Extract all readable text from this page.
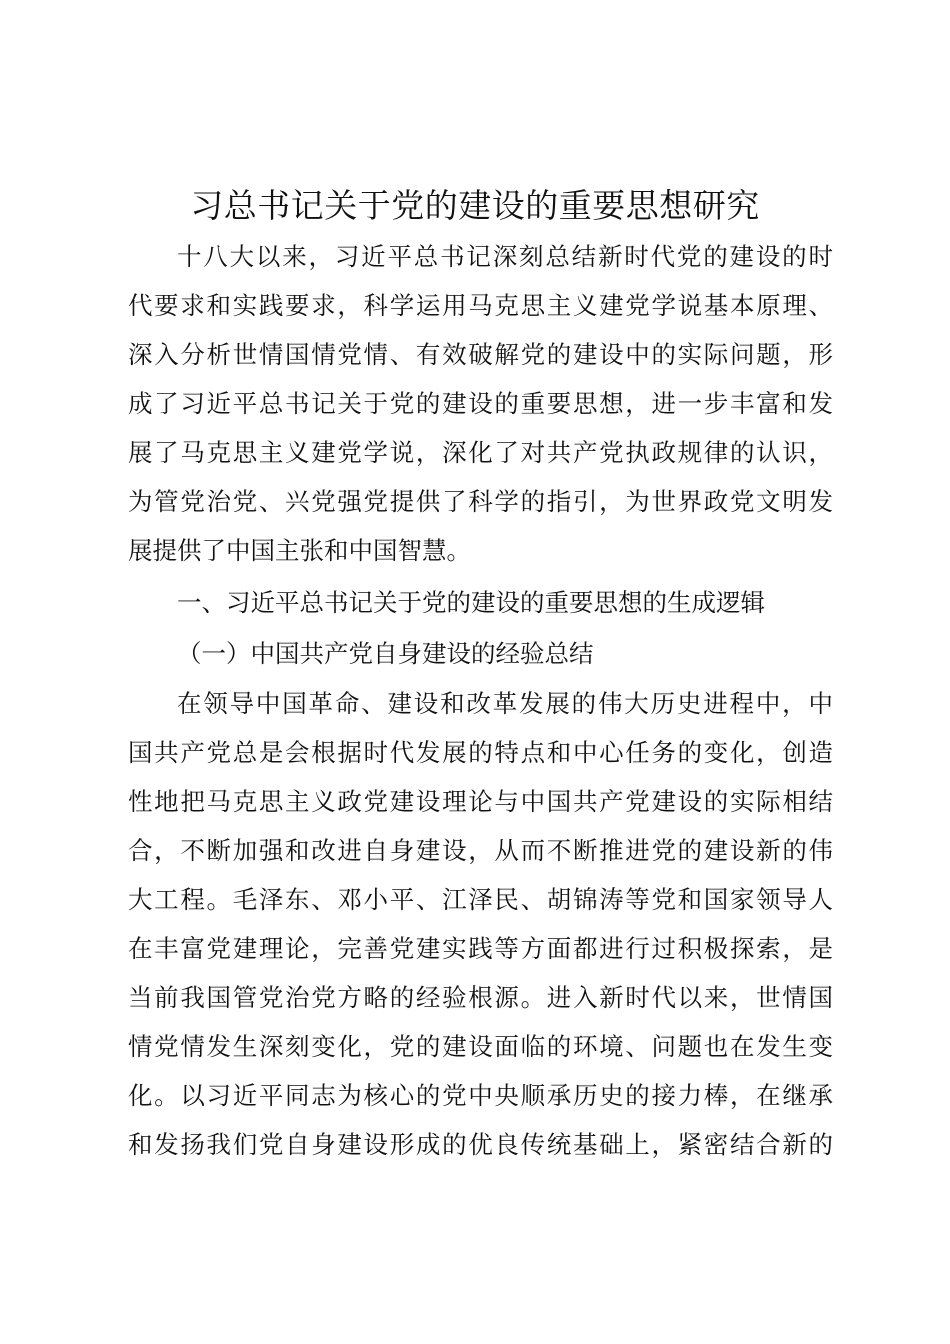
习总书记关于党的建设的重要思想研究
十八大以来，习近平总书记深刻总结新时代党的建设的时
代要求和实践要求，科学运用马克思主义建党学说基本原理、
深入分析世情国情党情、有效破解党的建设中的实际问题，形
成了习近平总书记关于党的建设的重要思想，进一步丰富和发
展了马克思主义建党学说，深化了对共产党执政规律的认识，
为管党治党、兴党强党提供了科学的指引，为世界政党文明发
展提供了中国主张和中国智慧。
一、习近平总书记关于党的建设的重要思想的生成逻辑
（一）中国共产党自身建设的经验总结
在领导中国革命、建设和改革发展的伟大历史进程中，中
国共产党总是会根据时代发展的特点和中心任务的变化，创造
性地把马克思主义政党建设理论与中国共产党建设的实际相结
合，不断加强和改进自身建设，从而不断推进党的建设新的伟
大工程。毛泽东、邓小平、江泽民、胡锦涛等党和国家领导人
在丰富党建理论，完善党建实践等方面都进行过积极探索，是
当前我国管党治党方略的经验根源。进入新时代以来，世情国
情党情发生深刻变化，党的建设面临的环境、问题也在发生变
化。以习近平同志为核心的党中央顺承历史的接力棒，在继承
和发扬我们党自身建设形成的优良传统基础上，紧密结合新的
